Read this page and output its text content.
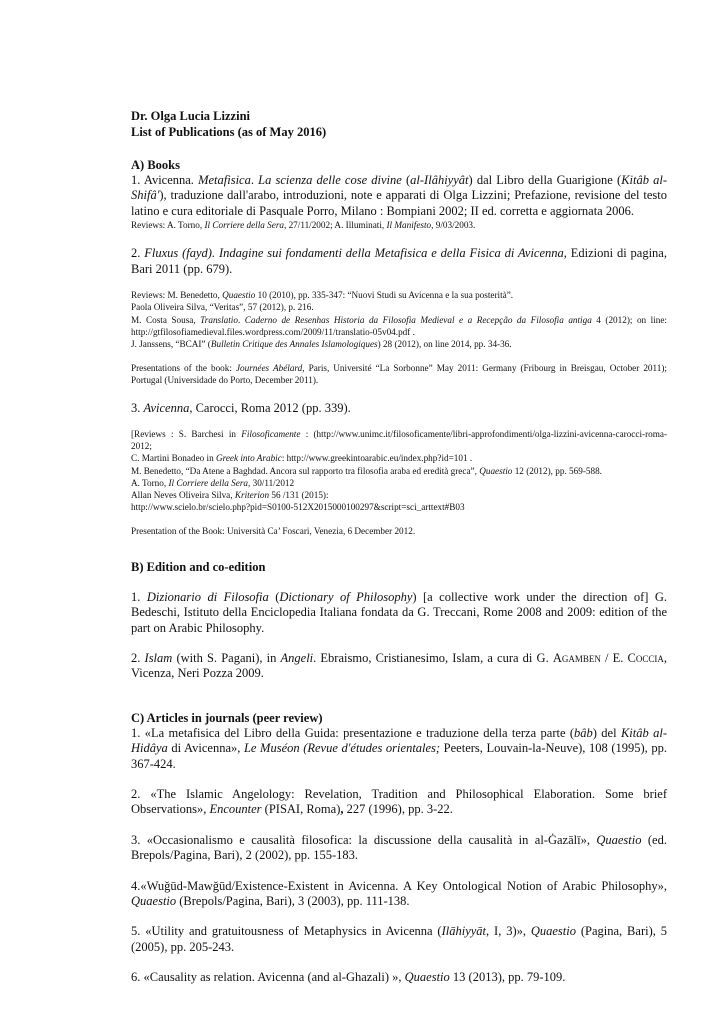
Dr. Olga Lucia Lizzini
List of Publications (as of May 2016)
A) Books
1. Avicenna. Metafisica. La scienza delle cose divine (al-Ilâhiyyât) dal Libro della Guarigione (Kitâb al-Shifâ'), traduzione dall'arabo, introduzioni, note e apparati di Olga Lizzini; Prefazione, revisione del testo latino e cura editoriale di Pasquale Porro, Milano : Bompiani 2002; II ed. corretta e aggiornata 2006.
Reviews: A. Torno, Il Corriere della Sera, 27/11/2002; A. Illuminati, Il Manifesto, 9/03/2003.
2. Fluxus (fayd). Indagine sui fondamenti della Metafisica e della Fisica di Avicenna, Edizioni di pagina, Bari 2011 (pp. 679).
Reviews: M. Benedetto, Quaestio 10 (2010), pp. 335-347: “Nuovi Studi su Avicenna e la sua posterità”.
Paola Oliveira Silva, “Veritas”, 57 (2012), p. 216.
M. Costa Sousa, Translatio. Caderno de Resenhas Historia da Filosofia Medieval e a Recepção da Filosofia antiga 4 (2012); on line: http://gtfilosofiamedieval.files.wordpress.com/2009/11/translatio-05v04.pdf .
J. Janssens, “BCAI” (Bulletin Critique des Annales Islamologiques) 28 (2012), on line 2014, pp. 34-36.
Presentations of the book: Journées Abélard, Paris, Université “La Sorbonne” May 2011: Germany (Fribourg in Breisgau, October 2011); Portugal (Universidade do Porto, December 2011).
3. Avicenna, Carocci, Roma 2012 (pp. 339).
[Reviews : S. Barchesi in Filosoficamente : (http://www.unimc.it/filosoficamente/libri-approfondimenti/olga-lizzini-avicenna-carocci-roma-2012;
C. Martini Bonadeo in Greek into Arabic: http://www.greekintoarabic.eu/index.php?id=101 .
M. Benedetto, “Da Atene a Baghdad. Ancora sul rapporto tra filosofia araba ed eredità greca”, Quaestio 12 (2012), pp. 569-588.
A. Torno, Il Corriere della Sera, 30/11/2012
Allan Neves Oliveira Silva, Kriterion 56 /131 (2015):
http://www.scielo.br/scielo.php?pid=S0100-512X2015000100297&script=sci_arttext#B03
Presentation of the Book: Università Ca’ Foscari, Venezia, 6 December 2012.
B) Edition and co-edition
1. Dizionario di Filosofia (Dictionary of Philosophy) [a collective work under the direction of] G. Bedeschi, Istituto della Enciclopedia Italiana fondata da G. Treccani, Rome 2008 and 2009: edition of the part on Arabic Philosophy.
2. Islam (with S. Pagani), in Angeli. Ebraismo, Cristianesimo, Islam, a cura di G. Agamben / E. Coccia, Vicenza, Neri Pozza 2009.
C) Articles in journals (peer review)
1. «La metafisica del Libro della Guida: presentazione e traduzione della terza parte (bâb) del Kitâb al-Hidâya di Avicenna», Le Muséon (Revue d'études orientales; Peeters, Louvain-la-Neuve), 108 (1995), pp. 367-424.
2. «The Islamic Angelology: Revelation, Tradition and Philosophical Elaboration. Some brief Observations», Encounter (PISAI, Roma), 227 (1996), pp. 3-22.
3. «Occasionalismo e causalità filosofica: la discussione della causalità in al-Ġazālī», Quaestio (ed. Brepols/Pagina, Bari), 2 (2002), pp. 155-183.
4.«Wuǧūd-Mawǧūd/Existence-Existent in Avicenna. A Key Ontological Notion of Arabic Philosophy», Quaestio (Brepols/Pagina, Bari), 3 (2003), pp. 111-138.
5. «Utility and gratuitousness of Metaphysics in Avicenna (Ilāhiyyāt, I, 3)», Quaestio (Pagina, Bari), 5 (2005), pp. 205-243.
6. «Causality as relation. Avicenna (and al-Ghazali) », Quaestio 13 (2013), pp. 79-109.
